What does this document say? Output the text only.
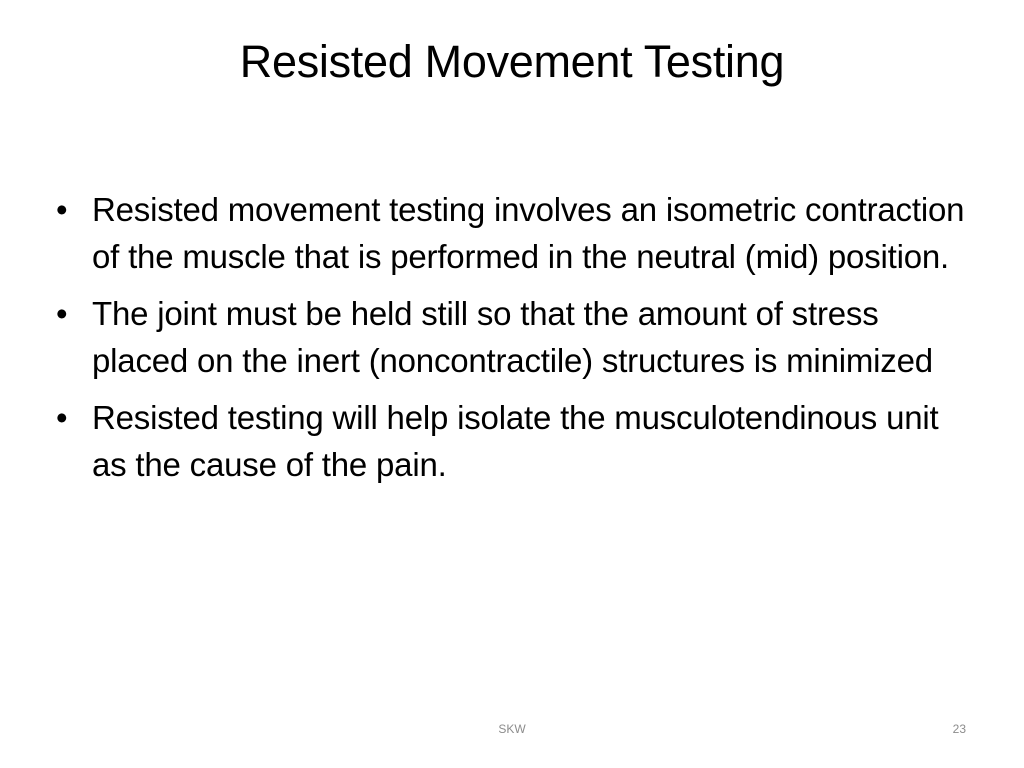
Resisted Movement Testing
• Resisted movement testing involves an isometric contraction of the muscle that is performed in the neutral (mid) position.
• The joint must be held still so that the amount of stress placed on the inert (noncontractile) structures is minimized
• Resisted testing will help isolate the musculotendinous unit as the cause of the pain.
SKW	23
